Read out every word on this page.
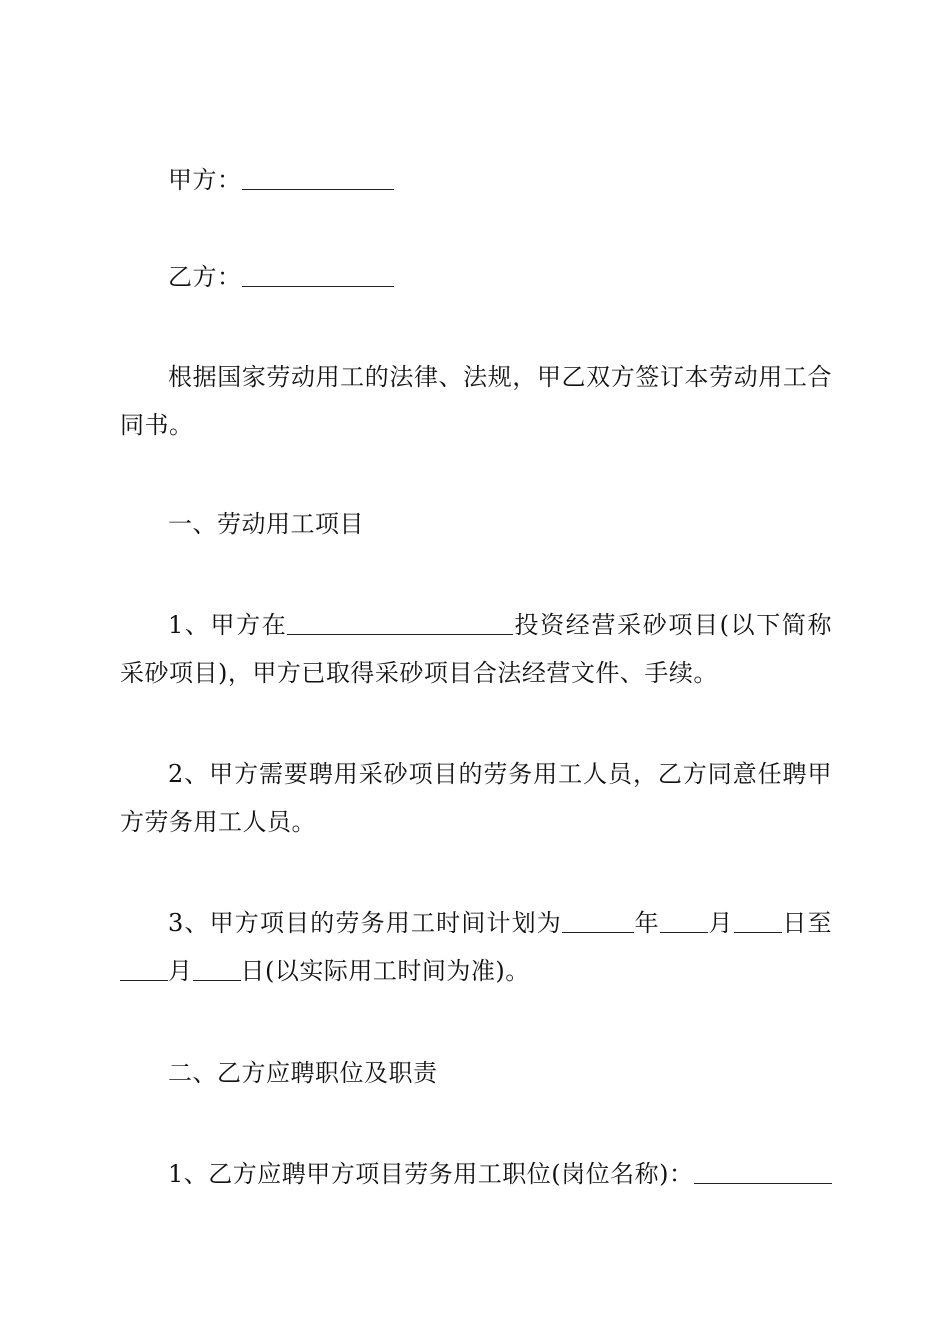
甲方：

乙方：

根据国家劳动用工的法律、法规，甲乙双方签订本劳动用工合同书。

一、劳动用工项目

1、甲方在	投资经营采砂项目(以下简称采砂项目)，甲方已取得采砂项目合法经营文件、手续。

2、甲方需要聘用采砂项目的劳务用工人员，乙方同意任聘甲方劳务用工人员。

3、甲方项目的劳务用工时间计划为	年 月 日至月 日(以实际用工时间为准)。

二、乙方应聘职位及职责

1、乙方应聘甲方项目劳务用工职位(岗位名称)：
